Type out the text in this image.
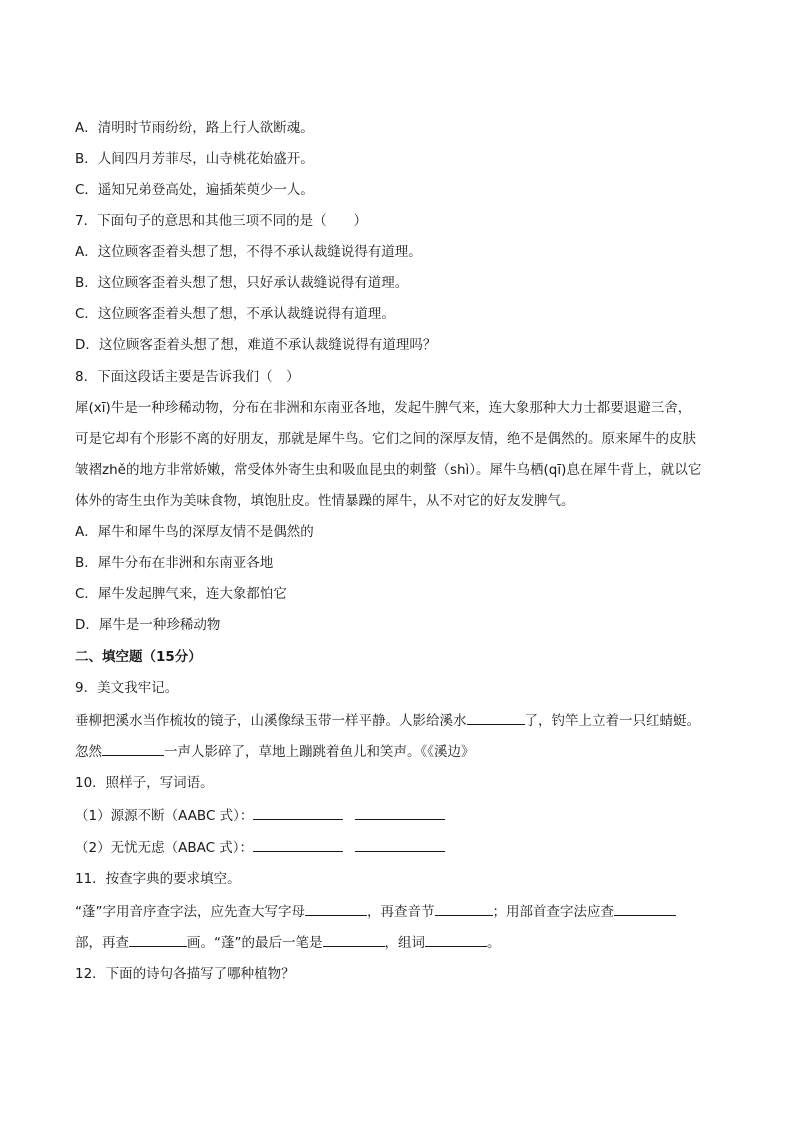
A．清明时节雨纷纷，路上行人欲断魂。
B．人间四月芳菲尽，山寺桃花始盛开。
C．遥知兄弟登高处，遍插茱萸少一人。
7．下面句子的意思和其他三项不同的是（　　）
A．这位顾客歪着头想了想，不得不承认裁缝说得有道理。
B．这位顾客歪着头想了想，只好承认裁缝说得有道理。
C．这位顾客歪着头想了想，不承认裁缝说得有道理。
D．这位顾客歪着头想了想，难道不承认裁缝说得有道理吗？
8．下面这段话主要是告诉我们（　）
犀(xī)牛是一种珍稀动物，分布在非洲和东南亚各地，发起牛脾气来，连大象那种大力士都要退避三舍，
可是它却有个形影不离的好朋友，那就是犀牛鸟。它们之间的深厚友情，绝不是偶然的。原来犀牛的皮肤
皱褶zhě的地方非常娇嫩，常受体外寄生虫和吸血昆虫的刺螫（shì）。犀牛乌栖(qī)息在犀牛背上，就以它
体外的寄生虫作为美味食物，填饱肚皮。性情暴躁的犀牛，从不对它的好友发脾气。
A．犀牛和犀牛鸟的深厚友情不是偶然的
B．犀牛分布在非洲和东南亚各地
C．犀牛发起脾气来，连大象都怕它
D．犀牛是一种珍稀动物
二、填空题（15分）
9．美文我牢记。
垂柳把溪水当作梳妆的镜子，山溪像绿玉带一样平静。人影给溪水	了，钓竿上立着一只红蜻蜓。
忽然	一声人影碎了，草地上蹦跳着鱼儿和笑声。《《溪边》
10．照样子，写词语。
（1）源源不断（AABC 式）：
（2）无忧无虑（ABAC 式）：
11．按查字典的要求填空。
“蓬”字用音序查字法，应先查大写字母	，再查音节	；用部首查字法应查
部，再查	画。“蓬”的最后一笔是	，组词	。
12．下面的诗句各描写了哪种植物？
